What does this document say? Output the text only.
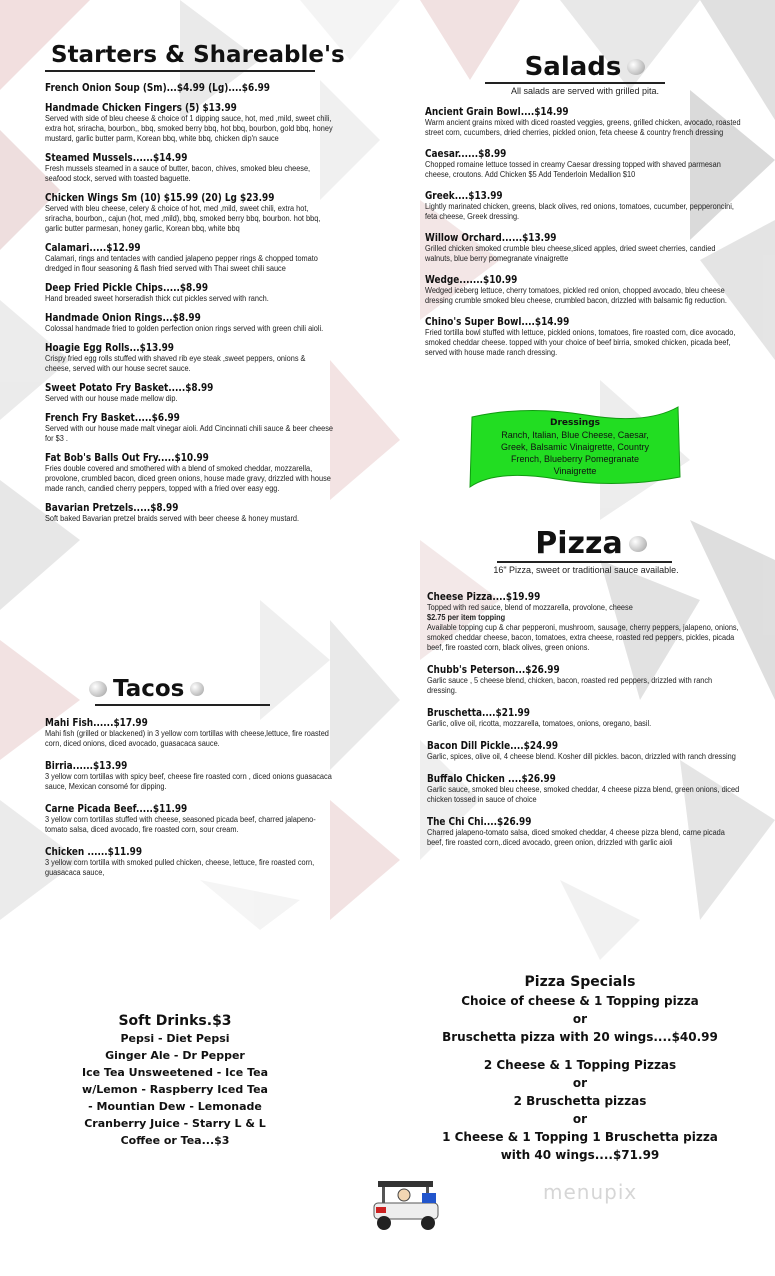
Starters & Shareable's
French Onion Soup (Sm)...$4.99 (Lg)....$6.99
Handmade Chicken Fingers (5) $13.99
Served with side of bleu cheese & choice of 1 dipping sauce, hot, med ,mild, sweet chili, extra hot, sriracha, bourbon,, bbq, smoked berry bbq, hot bbq, bourbon, gold bbq, honey mustard, garlic butter parm, Korean bbq, white bbq, chicken dip'n sauce
Steamed Mussels......$14.99
Fresh mussels steamed in a sauce of butter, bacon, chives, smoked bleu cheese, seafood stock, served with toasted baguette.
Chicken Wings Sm (10) $15.99 (20) Lg $23.99
Served with bleu cheese, celery & choice of hot, med ,mild, sweet chili, extra hot, sriracha, bourbon,, cajun (hot, med ,mild), bbq, smoked berry bbq, bourbon. hot bbq, garlic butter parmesan, honey garlic, Korean bbq, white bbq
Calamari.....$12.99
Calamari, rings and tentacles with candied jalapeno pepper rings & chopped tomato dredged in flour seasoning & flash fried served with Thai sweet chili sauce
Deep Fried Pickle Chips.....$8.99
Hand breaded sweet horseradish thick cut pickles served with ranch.
Handmade Onion Rings...$8.99
Colossal handmade fried to golden perfection onion rings served with green chili aioli.
Hoagie Egg Rolls...$13.99
Crispy fried egg rolls stuffed with shaved rib eye steak ,sweet peppers, onions & cheese, served with our house secret sauce.
Sweet Potato Fry Basket.....$8.99
Served with our house made mellow dip.
French Fry Basket.....$6.99
Served with our house made malt vinegar aioli. Add Cincinnati chili sauce & beer cheese for $3 .
Fat Bob's Balls Out Fry.....$10.99
Fries double covered and smothered with a blend of smoked cheddar, mozzarella, provolone, crumbled bacon, diced green onions, house made gravy, drizzled with house made ranch, candied cherry peppers, topped with a fried over easy egg.
Bavarian Pretzels.....$8.99
Soft baked Bavarian pretzel braids served with beer cheese & honey mustard.
Tacos
Mahi Fish......$17.99
Mahi fish (grilled or blackened) in 3 yellow corn tortillas with cheese,lettuce, fire roasted corn, diced onions, diced avocado, guasacaca sauce.
Birria......$13.99
3 yellow corn tortillas with spicy beef, cheese fire roasted corn , diced onions guasacaca sauce, Mexican consomé for dipping.
Carne Picada Beef.....$11.99
3 yellow corn tortillas stuffed with cheese, seasoned picada beef, charred jalapeno-tomato salsa, diced avocado, fire roasted corn, sour cream.
Chicken ......$11.99
3 yellow corn tortilla with smoked pulled chicken, cheese, lettuce, fire roasted corn, guasacaca sauce,
Salads
All salads are served with grilled pita.
Ancient Grain Bowl....$14.99
Warm ancient grains mixed with diced roasted veggies, greens, grilled chicken, avocado, roasted street corn, cucumbers, dried cherries, pickled onion, feta cheese & country french dressing
Caesar......$8.99
Chopped romaine lettuce tossed in creamy Caesar dressing topped with shaved parmesan cheese, croutons. Add Chicken $5 Add Tenderloin Medallion $10
Greek....$13.99
Lightly marinated chicken, greens, black olives, red onions, tomatoes, cucumber, pepperoncini, feta cheese, Greek dressing.
Willow Orchard......$13.99
Grilled chicken smoked crumble bleu cheese,sliced apples, dried sweet cherries, candied walnuts, blue berry pomegranate vinaigrette
Wedge.......$10.99
Wedged iceberg lettuce, cherry tomatoes, pickled red onion, chopped avocado, bleu cheese dressing crumble smoked bleu cheese, crumbled bacon, drizzled with balsamic fig reduction.
Chino's Super Bowl....$14.99
Fried tortilla bowl stuffed with lettuce, pickled onions, tomatoes, fire roasted corn, dice avocado, smoked cheddar cheese. topped with your choice of beef birria, smoked chicken, picada beef, served with house made ranch dressing.
Dressings
Ranch, Italian, Blue Cheese, Caesar, Greek, Balsamic Vinaigrette, Country French, Blueberry Pomegranate Vinaigrette
Pizza
16" Pizza, sweet or traditional sauce available.
Cheese Pizza....$19.99
Topped with red sauce, blend of mozzarella, provolone, cheese
$2.75 per item topping
Available topping cup & char pepperoni, mushroom, sausage, cherry peppers, jalapeno, onions, smoked cheddar cheese, bacon, tomatoes, extra cheese, roasted red peppers, pickles, picada beef, fire roasted corn, black olives, green onions.
Chubb's Peterson...$26.99
Garlic sauce , 5 cheese blend, chicken, bacon, roasted red peppers, drizzled with ranch dressing.
Bruschetta....$21.99
Garlic, olive oil, ricotta, mozzarella, tomatoes, onions, oregano, basil.
Bacon Dill Pickle....$24.99
Garlic, spices, olive oil, 4 cheese blend. Kosher dill pickles. bacon, drizzled with ranch dressing
Buffalo Chicken ....$26.99
Garlic sauce, smoked bleu cheese, smoked cheddar, 4 cheese pizza blend, green onions, diced chicken tossed in sauce of choice
The Chi Chi....$26.99
Charred jalapeno-tomato salsa, diced smoked cheddar, 4 cheese pizza blend, carne picada beef, fire roasted corn,.diced avocado, green onion, drizzled with garlic aioli
Soft Drinks.$3
Pepsi - Diet Pepsi
Ginger Ale - Dr Pepper
Ice Tea Unsweetened - Ice Tea
w/Lemon - Raspberry Iced Tea
- Mountian Dew - Lemonade
Cranberry Juice - Starry L & L
Coffee or Tea...$3
Pizza Specials
Choice of cheese & 1 Topping pizza
or
Bruschetta pizza with 20 wings....$40.99
2 Cheese & 1 Topping Pizzas
or
2 Bruschetta pizzas
or
1 Cheese & 1 Topping 1 Bruschetta pizza
with 40 wings....$71.99
menupix
